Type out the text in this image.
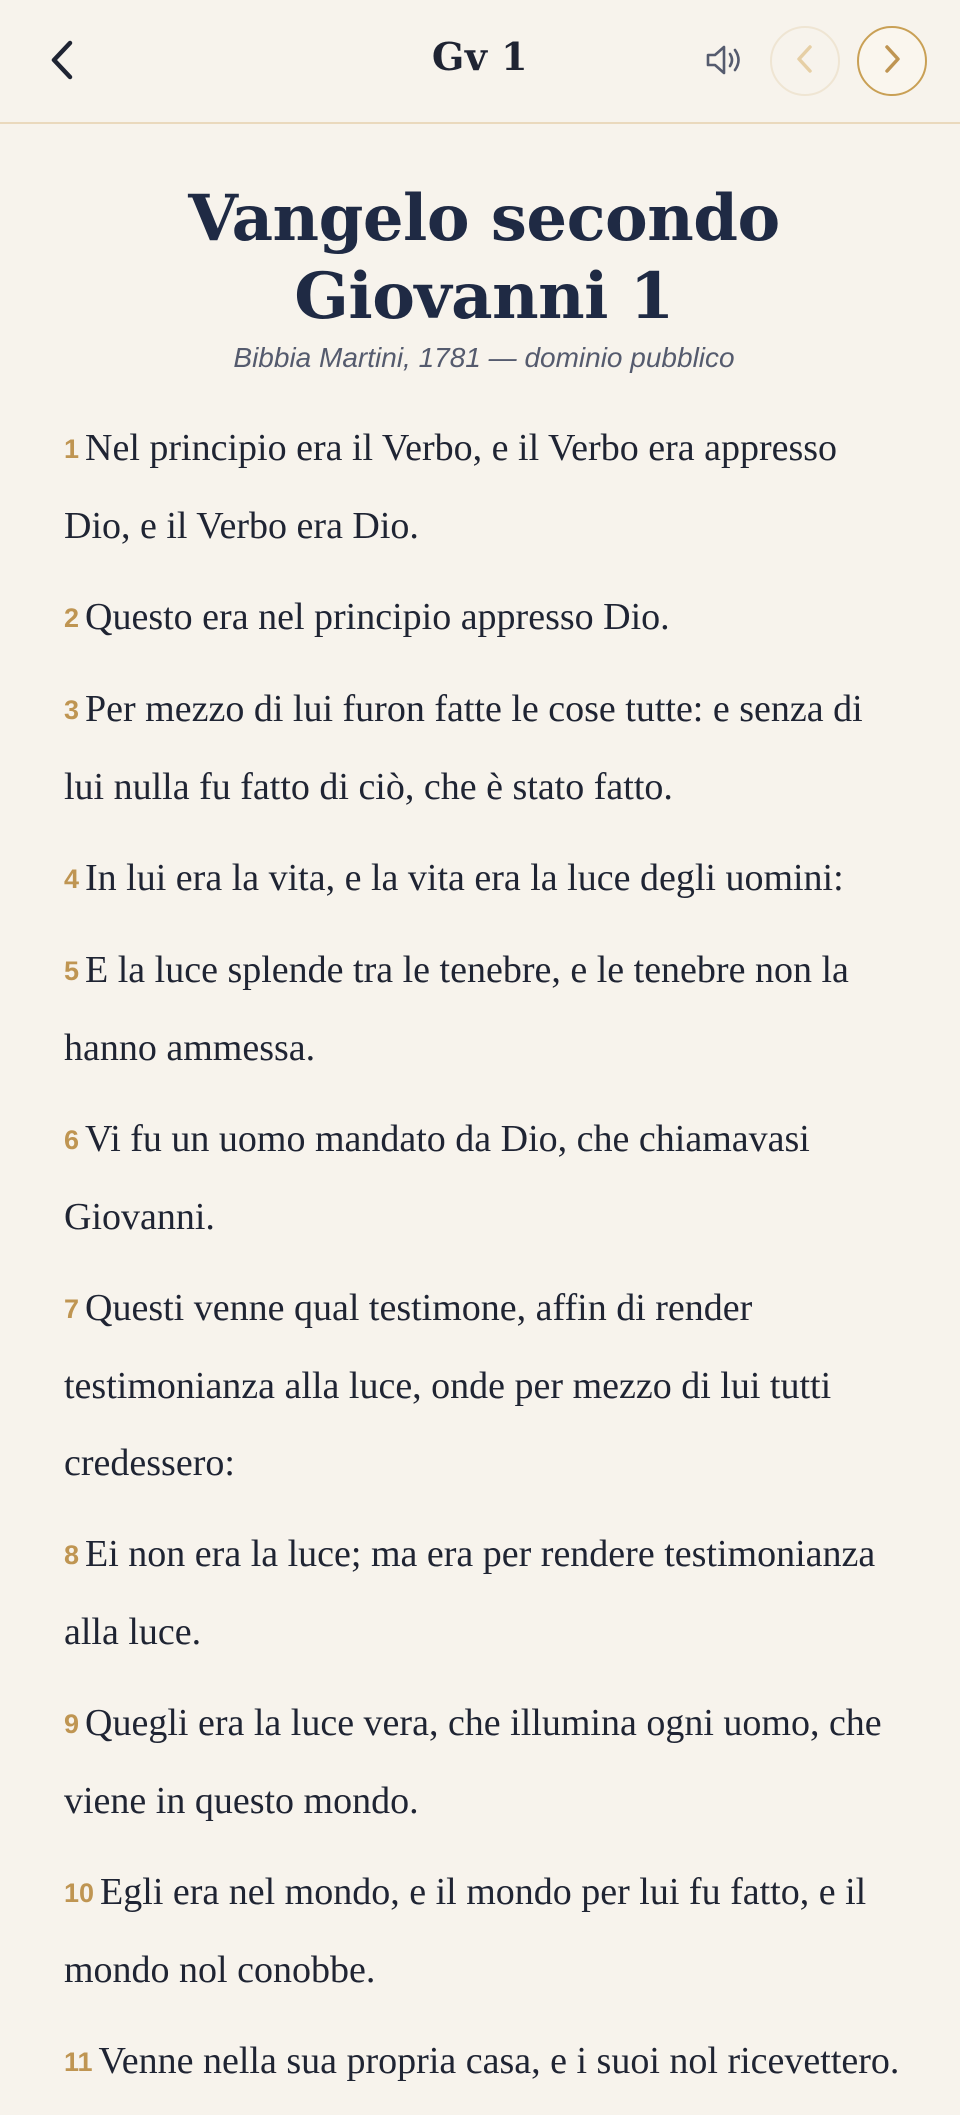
Gv 1
Vangelo secondo Giovanni 1
Bibbia Martini, 1781 — dominio pubblico

1 Nel principio era il Verbo, e il Verbo era appresso Dio, e il Verbo era Dio.

2 Questo era nel principio appresso Dio.

3 Per mezzo di lui furon fatte le cose tutte: e senza di lui nulla fu fatto di ciò, che è stato fatto.

4 In lui era la vita, e la vita era la luce degli uomini:

5 E la luce splende tra le tenebre, e le tenebre non la hanno ammessa.

6 Vi fu un uomo mandato da Dio, che chiamavasi Giovanni.

7 Questi venne qual testimone, affin di render testimonianza alla luce, onde per mezzo di lui tutti credessero:

8 Ei non era la luce; ma era per rendere testimonianza alla luce.

9 Quegli era la luce vera, che illumina ogni uomo, che viene in questo mondo.

10 Egli era nel mondo, e il mondo per lui fu fatto, e il mondo nol conobbe.

11 Venne nella sua propria casa, e i suoi nol ricevettero.
